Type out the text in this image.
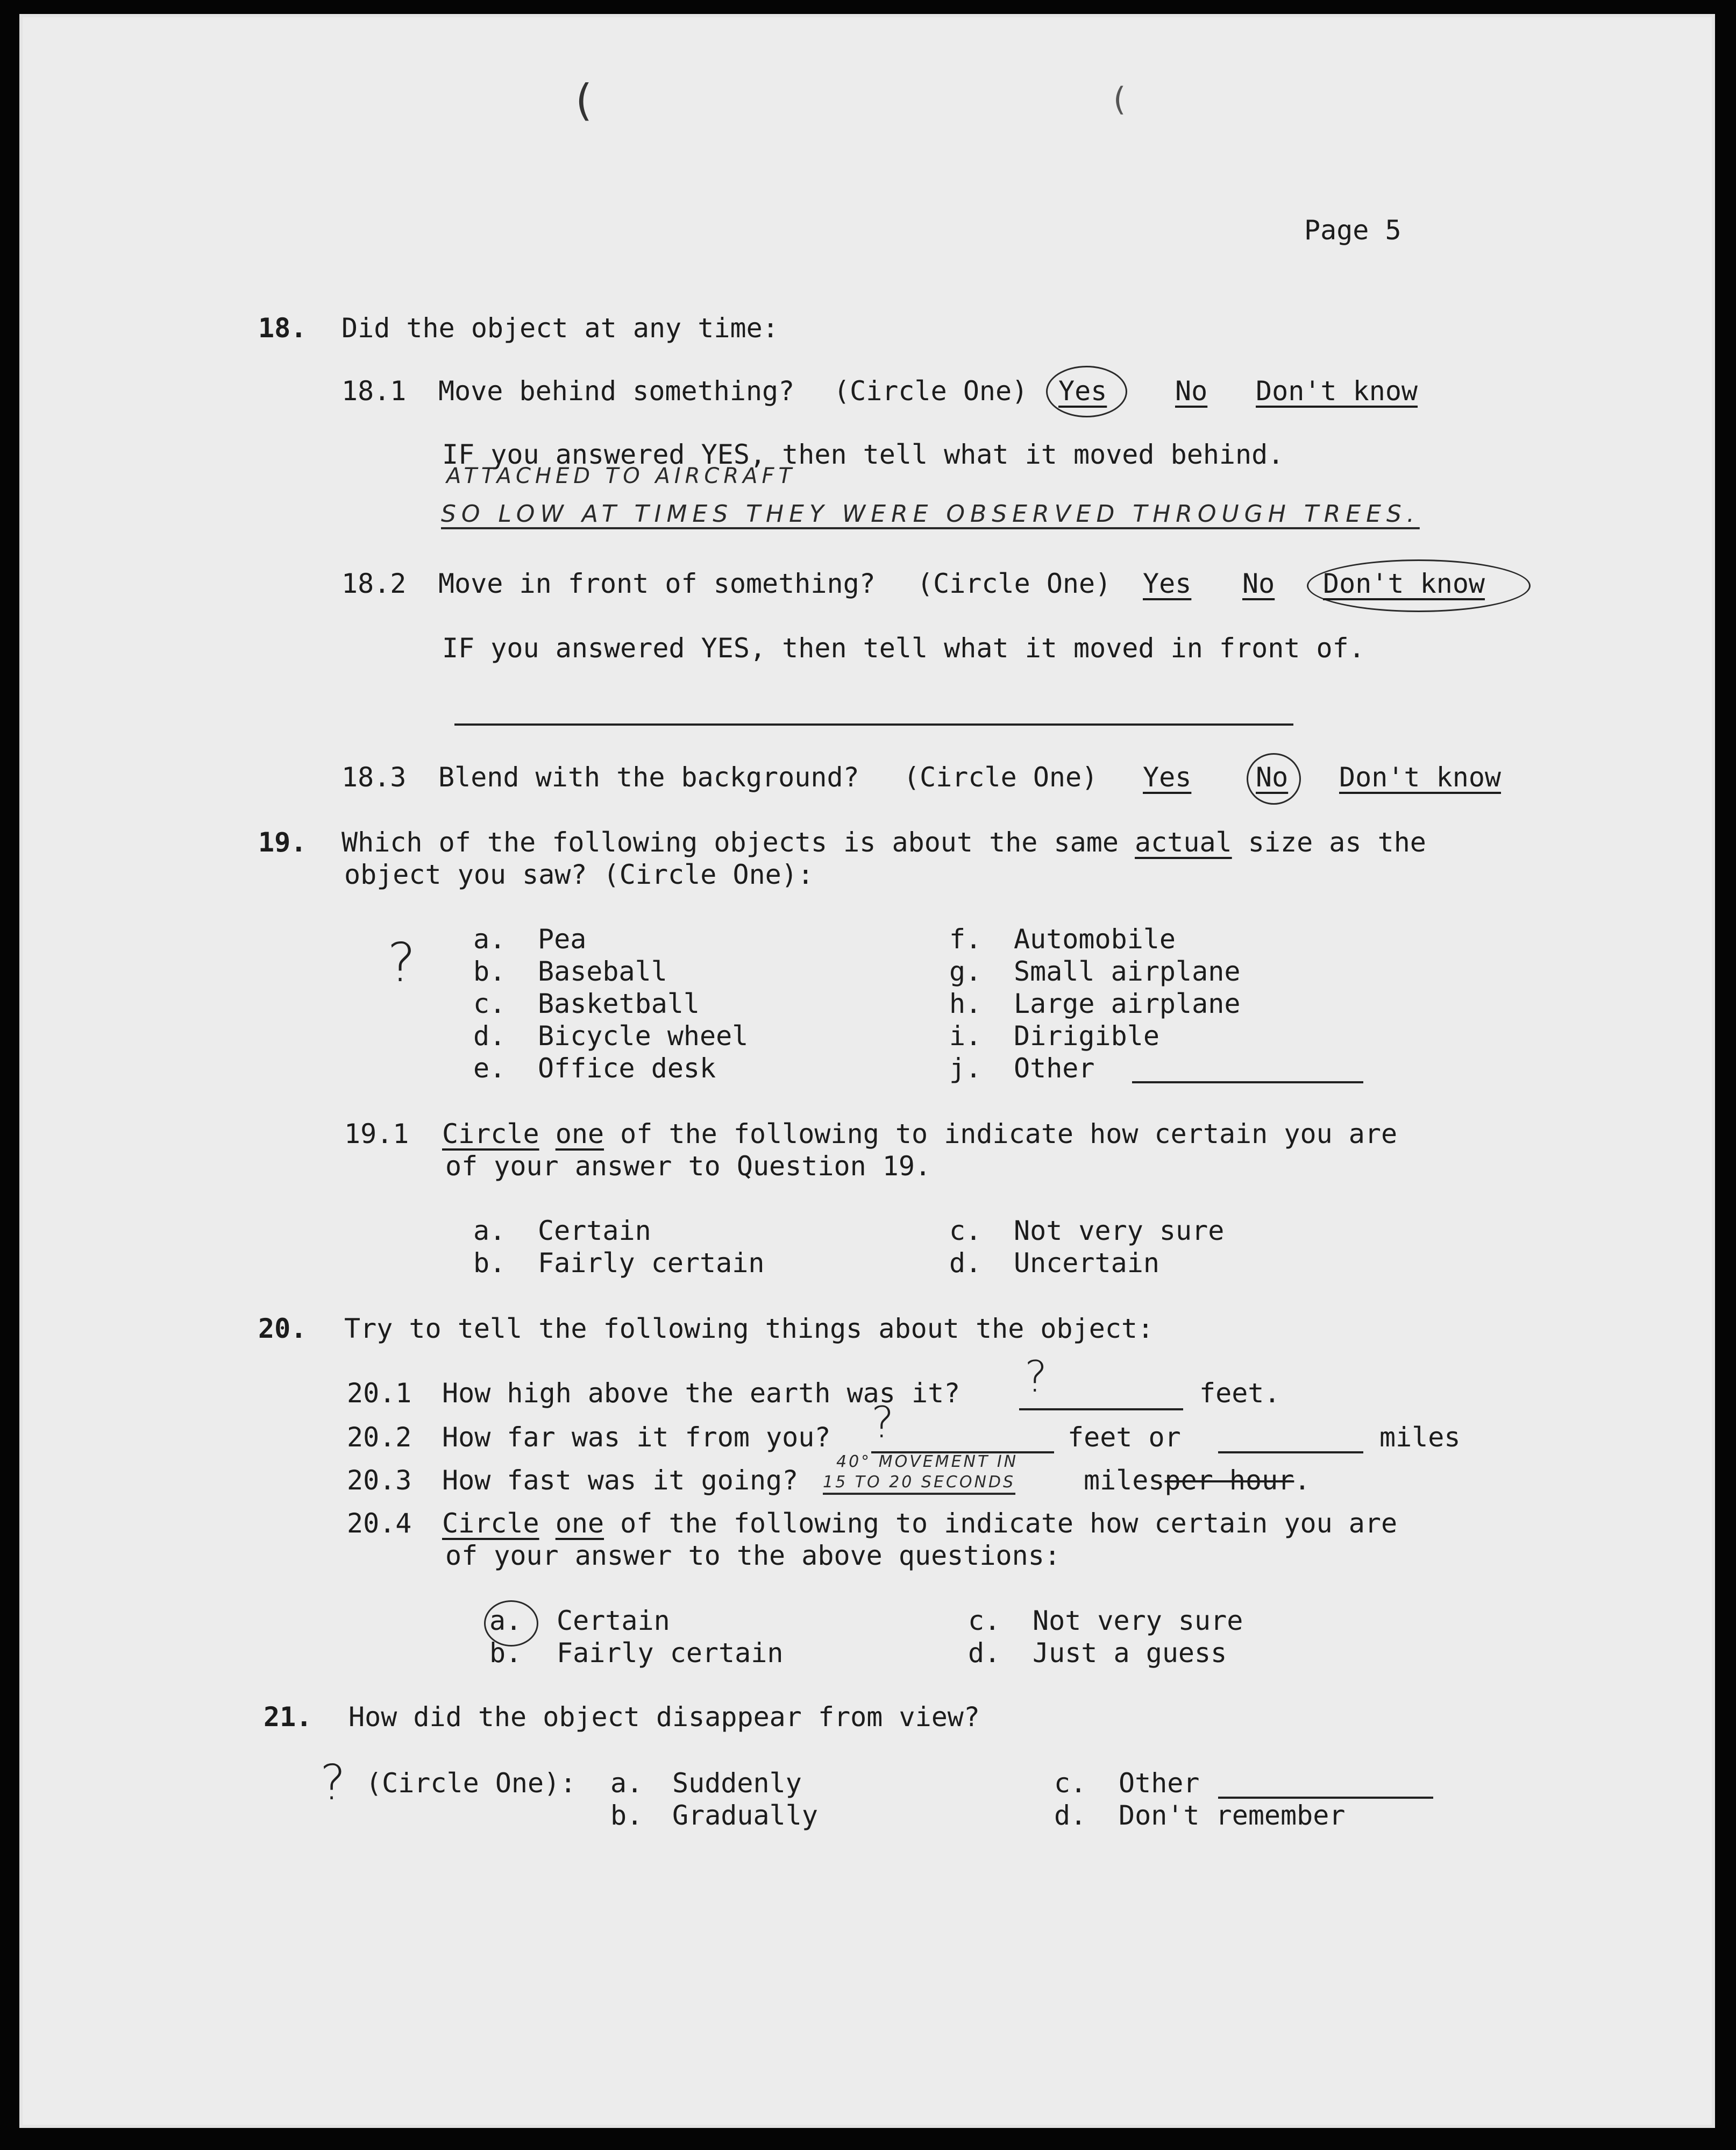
(	(
Page 5
18. Did the object at any time:
18.1 Move behind something? (Circle One) Yes	No Don't know
IF you answered YES, then tell what it moved behind.
ATTACHED TO AIRCRAFT
SO LOW AT TIMES THEY WERE OBSERVED THROUGH TREES.
18.2 Move in front of something? (Circle One) Yes No Don't know
IF you answered YES, then tell what it moved in front of.
18.3 Blend with the background? (Circle One) Yes No Don't know
19. Which of the following objects is about the same actual size as the
object you saw? (Circle One):
? a. Pea
b. Baseball
c. Basketball
d. Bicycle wheel
e. Office desk
f. Automobile
g. Small airplane
h. Large airplane
i. Dirigible
j. Other
19.1 Circle one of the following to indicate how certain you are
of your answer to Question 19.
a. Certain
b. Fairly certain
c. Not very sure
d. Uncertain
20. Try to tell the following things about the object:
20.1 How high above the earth was it? ?	feet.
20.2 How far was it from you? ?	feet or	miles
20.3 How fast was it going?
40° MOVEMENT IN
15 TO 20 SECONDS	milesper hour.
20.4 Circle one of the following to indicate how certain you are
of your answer to the above questions:
a. Certain
b. Fairly certain
c. Not very sure
d. Just a guess
21. How did the object disappear from view?
? (Circle One): a. Suddenly
b. Gradually
c. Other
d. Don't remember
